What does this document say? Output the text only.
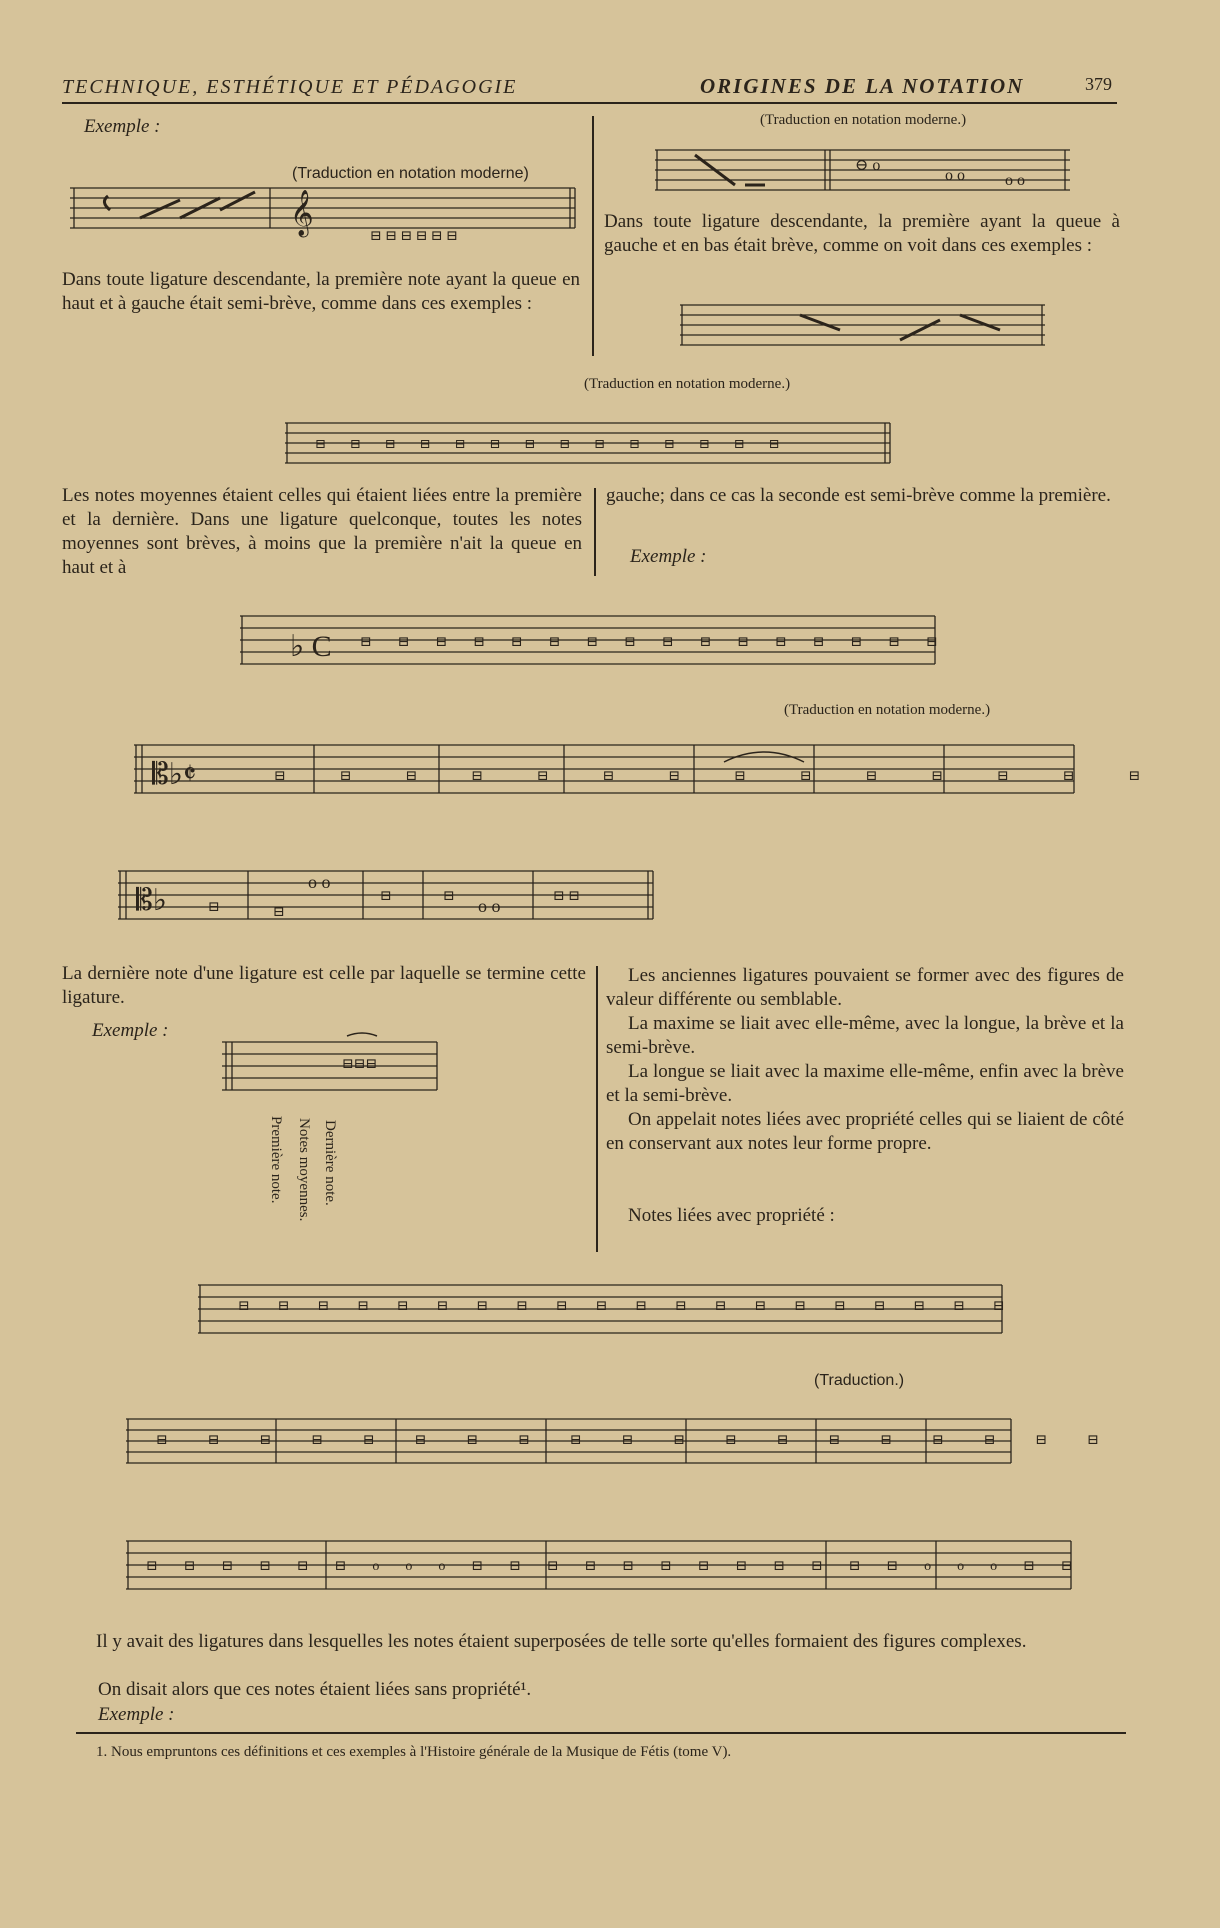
TECHNIQUE, ESTHÉTIQUE ET PÉDAGOGIE	ORIGINES DE LA NOTATION	379
Exemple :
(Traduction en notation moderne)
𝄞
⊟ ⊟ ⊟ ⊟ ⊟ ⊟
Dans toute ligature descendante, la première note ayant la queue en haut et à gauche était semi-brève, comme dans ces exemples :
(Traduction en notation moderne.)
⊖ o
o o	o o
Dans toute ligature descendante, la première ayant la queue à gauche et en bas était brève, comme on voit dans ces exemples :
(Traduction en notation moderne.)
⊟⊟⊟⊟⊟⊟⊟⊟⊟⊟⊟⊟⊟⊟
Les notes moyennes étaient celles qui étaient liées entre la première et la dernière. Dans une ligature quelconque, toutes les notes moyennes sont brèves, à moins que la première n'ait la queue en haut et à
gauche; dans ce cas la seconde est semi-brève comme la première.
Exemple :
♭ C ⊟⊟⊟⊟⊟⊟⊟⊟⊟⊟⊟⊟⊟⊟⊟⊟
(Traduction en notation moderne.)
𝄡♭𝄵	⊟⊟⊟⊟⊟⊟⊟⊟⊟⊟⊟⊟⊟⊟
𝄡♭	⊟	⊟
o o
⊟	⊟ o o	⊟ ⊟
La dernière note d'une ligature est celle par laquelle se termine cette ligature.
Exemple :
⊟⊟⊟
Première note. Notes moyennes. Dernière note.
Les anciennes ligatures pouvaient se former avec des figures de valeur différente ou semblable.
La maxime se liait avec elle-même, avec la longue, la brève et la semi-brève.
La longue se liait avec la maxime elle-même, enfin avec la brève et la semi-brève.
On appelait notes liées avec propriété celles qui se liaient de côté en conservant aux notes leur forme propre.
Notes liées avec propriété :
⊟⊟⊟⊟⊟⊟⊟⊟⊟⊟⊟⊟⊟⊟⊟⊟⊟⊟⊟⊟
(Traduction.)
⊟⊟⊟⊟⊟⊟⊟⊟⊟⊟⊟⊟⊟⊟⊟⊟⊟⊟⊟
⊟⊟⊟⊟⊟⊟ooo⊟⊟⊟⊟⊟⊟⊟⊟⊟⊟⊟⊟ooo⊟⊟
Il y avait des ligatures dans lesquelles les notes étaient superposées de telle sorte qu'elles formaient des figures complexes.
On disait alors que ces notes étaient liées sans propriété¹.
Exemple :
1. Nous empruntons ces définitions et ces exemples à l'Histoire générale de la Musique de Fétis (tome V).
